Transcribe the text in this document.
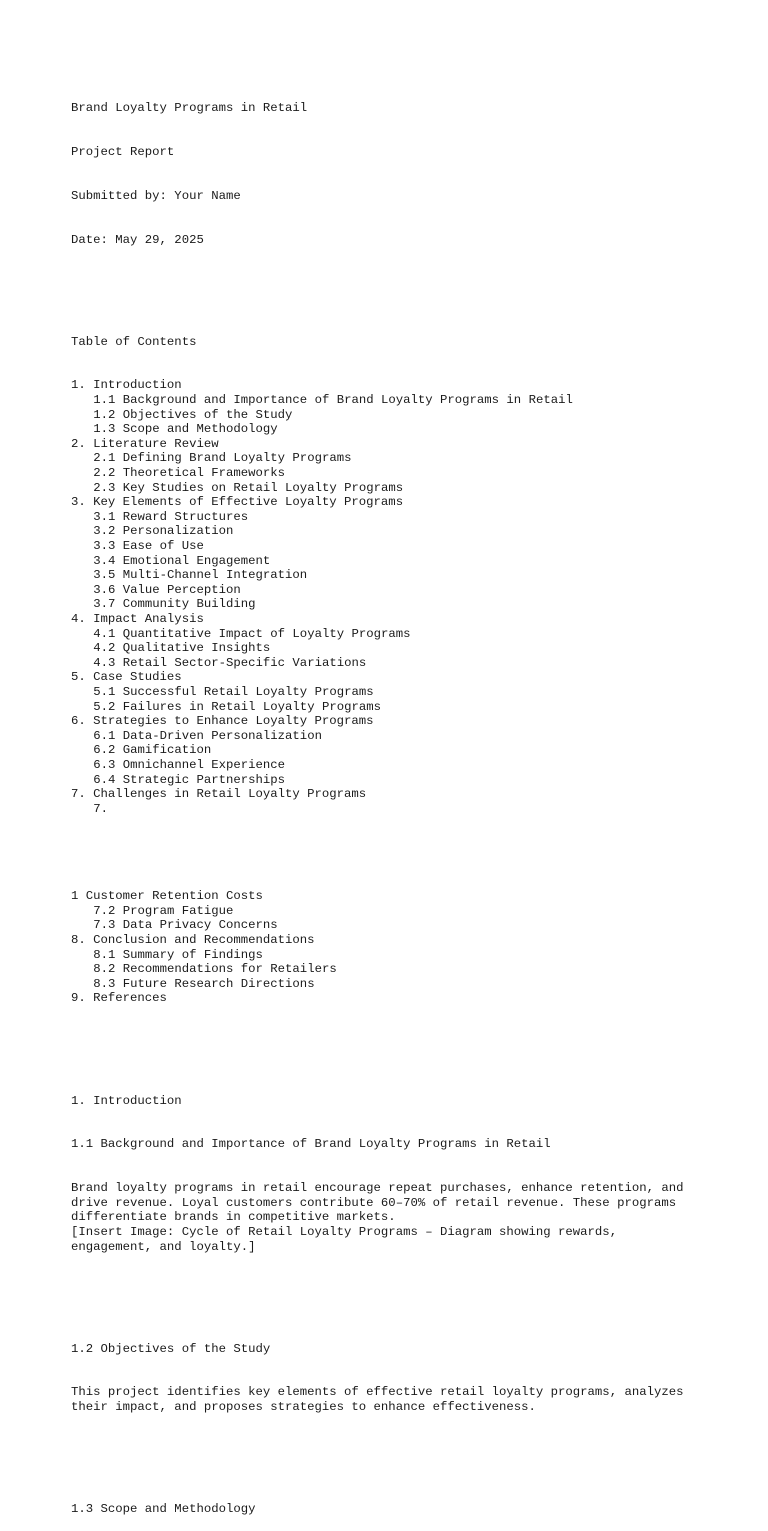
Brand Loyalty Programs in Retail

Project Report

Submitted by: Your Name

Date: May 29, 2025

Table of Contents

1. Introduction
1.1 Background and Importance of Brand Loyalty Programs in Retail
1.2 Objectives of the Study
1.3 Scope and Methodology
2. Literature Review
2.1 Defining Brand Loyalty Programs
2.2 Theoretical Frameworks
2.3 Key Studies on Retail Loyalty Programs
3. Key Elements of Effective Loyalty Programs
3.1 Reward Structures
3.2 Personalization
3.3 Ease of Use
3.4 Emotional Engagement
3.5 Multi-Channel Integration
3.6 Value Perception
3.7 Community Building
4. Impact Analysis
4.1 Quantitative Impact of Loyalty Programs
4.2 Qualitative Insights
4.3 Retail Sector-Specific Variations
5. Case Studies
5.1 Successful Retail Loyalty Programs
5.2 Failures in Retail Loyalty Programs
6. Strategies to Enhance Loyalty Programs
6.1 Data-Driven Personalization
6.2 Gamification
6.3 Omnichannel Experience
6.4 Strategic Partnerships
7. Challenges in Retail Loyalty Programs
7.

1 Customer Retention Costs
7.2 Program Fatigue
7.3 Data Privacy Concerns
8. Conclusion and Recommendations
8.1 Summary of Findings
8.2 Recommendations for Retailers
8.3 Future Research Directions
9. References

1. Introduction

1.1 Background and Importance of Brand Loyalty Programs in Retail

Brand loyalty programs in retail encourage repeat purchases, enhance retention, and
drive revenue. Loyal customers contribute 60–70% of retail revenue. These programs
differentiate brands in competitive markets.
[Insert Image: Cycle of Retail Loyalty Programs – Diagram showing rewards,
engagement, and loyalty.]

1.2 Objectives of the Study

This project identifies key elements of effective retail loyalty programs, analyzes
their impact, and proposes strategies to enhance effectiveness.

1.3 Scope and Methodology
